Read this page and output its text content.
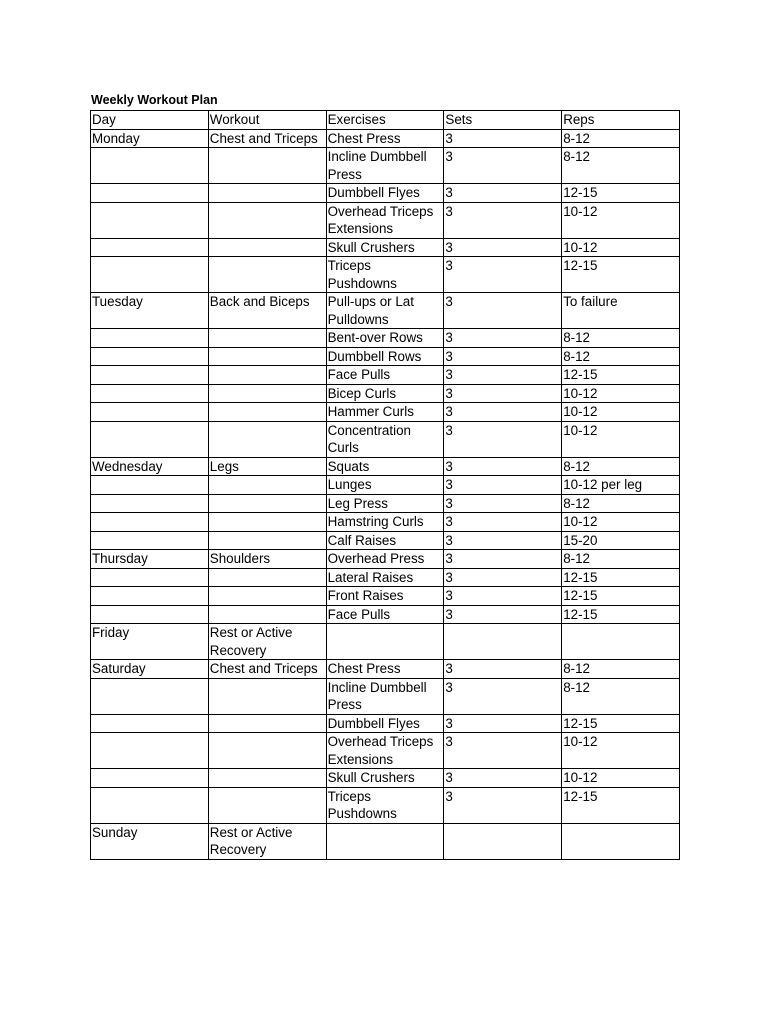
Weekly Workout Plan
Day	Workout	Exercises	Sets	Reps
Monday	Chest and Triceps	Chest Press	3	8-12
		Incline Dumbbell Press	3	8-12
		Dumbbell Flyes	3	12-15
		Overhead Triceps Extensions	3	10-12
		Skull Crushers	3	10-12
		Triceps Pushdowns	3	12-15
Tuesday	Back and Biceps	Pull-ups or Lat Pulldowns	3	To failure
		Bent-over Rows	3	8-12
		Dumbbell Rows	3	8-12
		Face Pulls	3	12-15
		Bicep Curls	3	10-12
		Hammer Curls	3	10-12
		Concentration Curls	3	10-12
Wednesday	Legs	Squats	3	8-12
		Lunges	3	10-12 per leg
		Leg Press	3	8-12
		Hamstring Curls	3	10-12
		Calf Raises	3	15-20
Thursday	Shoulders	Overhead Press	3	8-12
		Lateral Raises	3	12-15
		Front Raises	3	12-15
		Face Pulls	3	12-15
Friday	Rest or Active Recovery			
Saturday	Chest and Triceps	Chest Press	3	8-12
		Incline Dumbbell Press	3	8-12
		Dumbbell Flyes	3	12-15
		Overhead Triceps Extensions	3	10-12
		Skull Crushers	3	10-12
		Triceps Pushdowns	3	12-15
Sunday	Rest or Active Recovery			
